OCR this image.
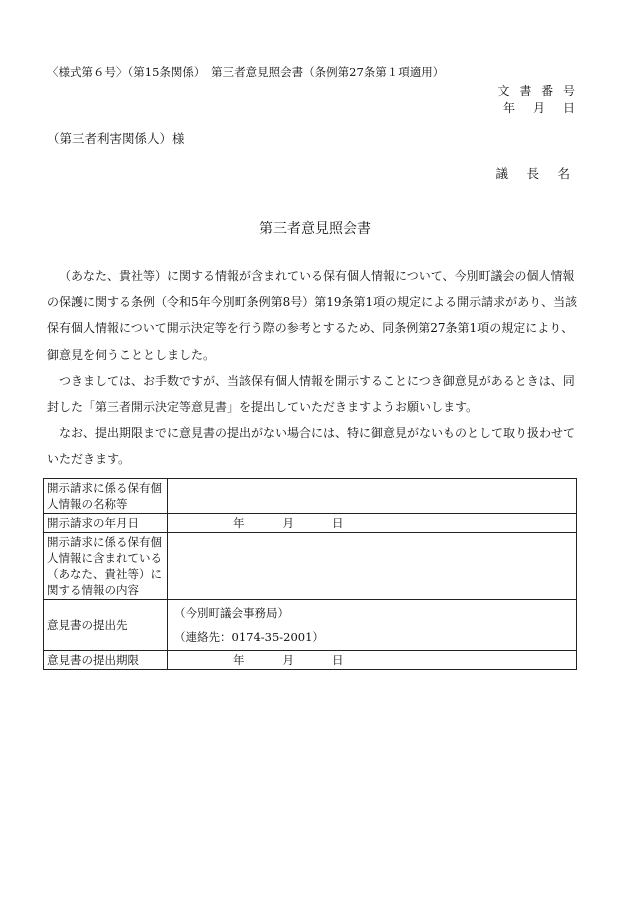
〈様式第６号〉（第15条関係）　第三者意見照会書（条例第27条第１項適用）
文 書 番 号
年　月　日
（第三者利害関係人）様
議　長　名
第三者意見照会書

（あなた、貴社等）に関する情報が含まれている保有個人情報について、今別町議会の個人情報の保護に関する条例（令和5年今別町条例第8号）第19条第1項の規定による開示請求があり、当該保有個人情報について開示決定等を行う際の参考とするため、同条例第27条第1項の規定により、御意見を伺うこととしました。

つきましては、お手数ですが、当該保有個人情報を開示することにつき御意見があるときは、同封した「第三者開示決定等意見書」を提出していただきますようお願いします。

なお、提出期限までに意見書の提出がない場合には、特に御意見がないものとして取り扱わせていただきます。

開示請求に係る保有個人情報の名称等	
開示請求の年月日	年 月 日

開示請求に係る保有個人情報に含まれている（あなた、貴社等）に関する情報の内容	
意見書の提出先	（今別町議会事務局）
（連絡先：0174-35-2001）

意見書の提出期限	年 月 日
